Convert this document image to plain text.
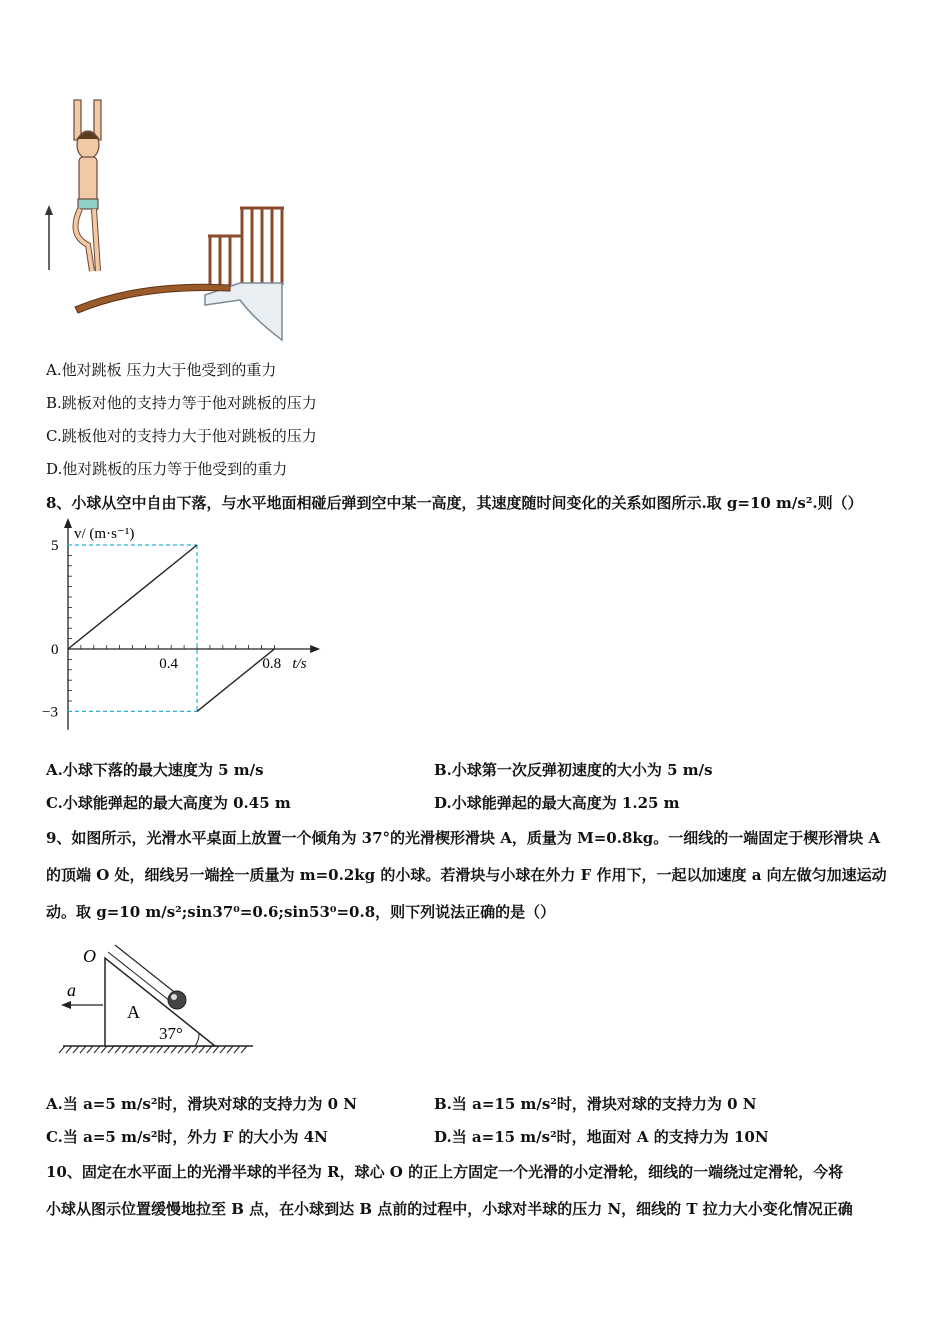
A.他对跳板 压力大于他受到的重力
B.跳板对他的支持力等于他对跳板的压力
C.跳板他对的支持力大于他对跳板的压力
D.他对跳板的压力等于他受到的重力
8、小球从空中自由下落，与水平地面相碰后弹到空中某一高度，其速度随时间变化的关系如图所示.取 g=10 m/s².则（）
v/ (m·s⁻¹)
5
0
−3
0.4	0.8 t/s
A.小球下落的最大速度为 5 m/s	B.小球第一次反弹初速度的大小为 5 m/s
C.小球能弹起的最大高度为 0.45 m	D.小球能弹起的最大高度为 1.25 m
9、如图所示，光滑水平桌面上放置一个倾角为 37°的光滑楔形滑块 A，质量为 M=0.8kg。一细线的一端固定于楔形滑块 A
的顶端 O 处，细线另一端拴一质量为 m=0.2kg 的小球。若滑块与小球在外力 F 作用下，一起以加速度 a 向左做匀加速运动
动。取 g=10 m/s²;sin37⁰=0.6;sin53⁰=0.8，则下列说法正确的是（）
O
a
A
37°
A.当 a=5 m/s²时，滑块对球的支持力为 0 N	B.当 a=15 m/s²时，滑块对球的支持力为 0 N
C.当 a=5 m/s²时，外力 F 的大小为 4N	D.当 a=15 m/s²时，地面对 A 的支持力为 10N
10、固定在水平面上的光滑半球的半径为 R，球心 O 的正上方固定一个光滑的小定滑轮，细线的一端绕过定滑轮，今将
小球从图示位置缓慢地拉至 B 点，在小球到达 B 点前的过程中，小球对半球的压力 N，细线的 T 拉力大小变化情况正确
